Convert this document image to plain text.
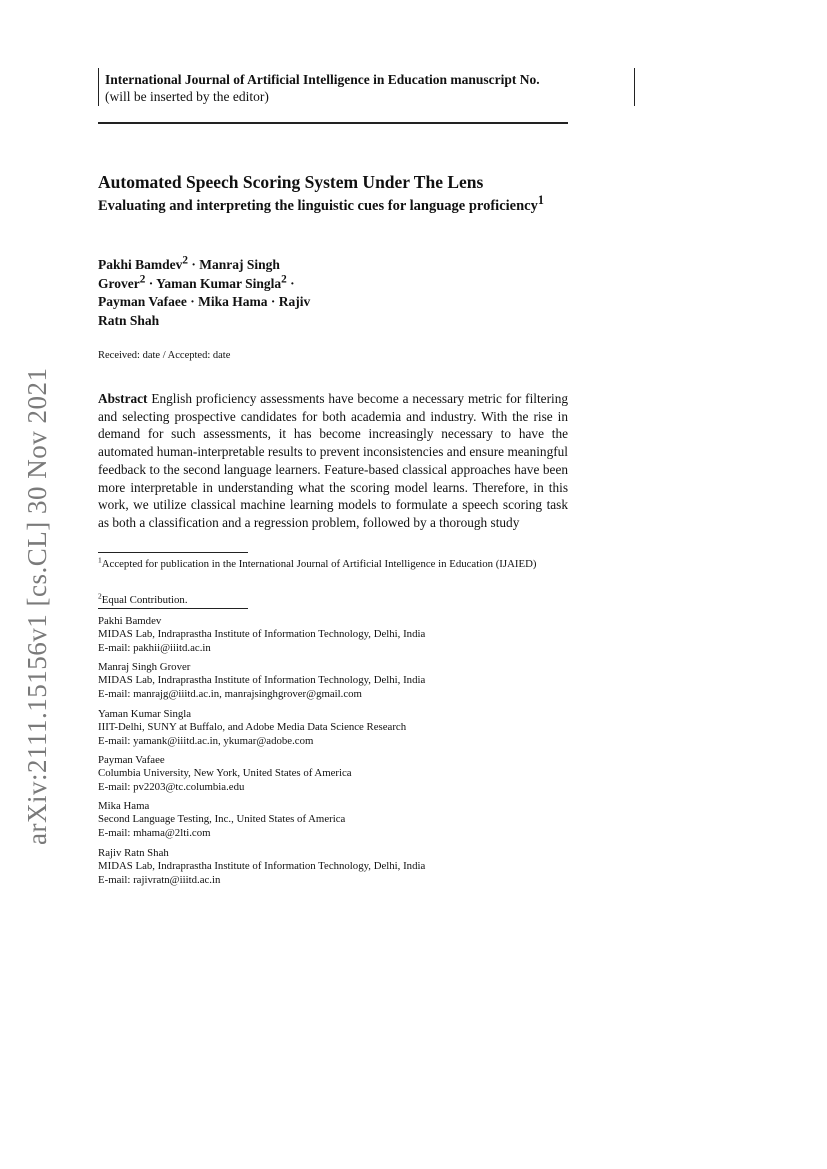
International Journal of Artificial Intelligence in Education manuscript No.
(will be inserted by the editor)
Automated Speech Scoring System Under The Lens
Evaluating and interpreting the linguistic cues for language proficiency$^1$
Pakhi Bamdev$^2$ · Manraj Singh
Grover$^2$ · Yaman Kumar Singla$^2$ ·
Payman Vafaee · Mika Hama · Rajiv
Ratn Shah
Received: date / Accepted: date
Abstract English proficiency assessments have become a necessary metric for filtering and selecting prospective candidates for both academia and industry. With the rise in demand for such assessments, it has become increasingly necessary to have the automated human-interpretable results to prevent inconsistencies and ensure meaningful feedback to the second language learners. Feature-based classical approaches have been more interpretable in understanding what the scoring model learns. Therefore, in this work, we utilize classical machine learning models to formulate a speech scoring task as both a classification and a regression problem, followed by a thorough study
$^1$Accepted for publication in the International Journal of Artificial Intelligence in Education (IJAIED)
$^2$Equal Contribution.
Pakhi Bamdev
MIDAS Lab, Indraprastha Institute of Information Technology, Delhi, India
E-mail: pakhii@iiitd.ac.in
Manraj Singh Grover
MIDAS Lab, Indraprastha Institute of Information Technology, Delhi, India
E-mail: manrajg@iiitd.ac.in, manrajsinghgrover@gmail.com
Yaman Kumar Singla
IIIT-Delhi, SUNY at Buffalo, and Adobe Media Data Science Research
E-mail: yamank@iiitd.ac.in, ykumar@adobe.com
Payman Vafaee
Columbia University, New York, United States of America
E-mail: pv2203@tc.columbia.edu
Mika Hama
Second Language Testing, Inc., United States of America
E-mail: mhama@2lti.com
Rajiv Ratn Shah
MIDAS Lab, Indraprastha Institute of Information Technology, Delhi, India
E-mail: rajivratn@iiitd.ac.in
arXiv:2111.15156v1 [cs.CL] 30 Nov 2021
